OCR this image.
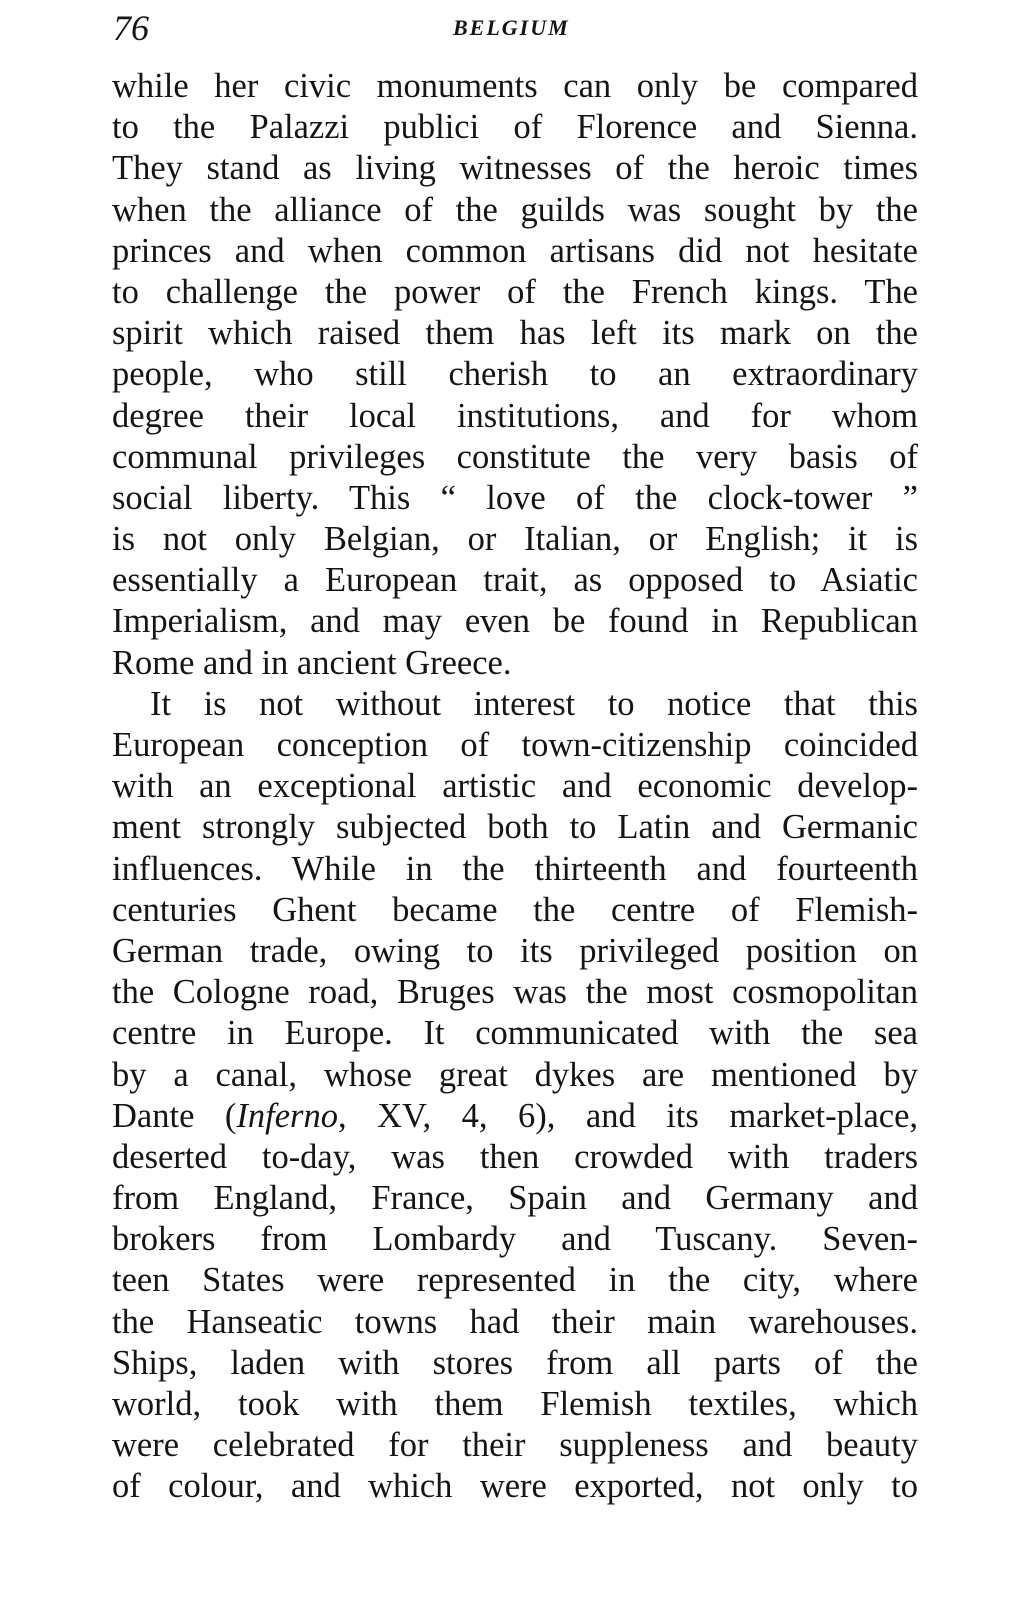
76	BELGIUM
while her civic monuments can only be compared
to the Palazzi publici of Florence and Sienna.
They stand as living witnesses of the heroic times
when the alliance of the guilds was sought by the
princes and when common artisans did not hesitate
to challenge the power of the French kings. The
spirit which raised them has left its mark on the
people, who still cherish to an extraordinary
degree their local institutions, and for whom
communal privileges constitute the very basis of
social liberty. This “ love of the clock-tower ”
is not only Belgian, or Italian, or English; it is
essentially a European trait, as opposed to Asiatic
Imperialism, and may even be found in Republican
Rome and in ancient Greece.
It is not without interest to notice that this
European conception of town-citizenship coincided
with an exceptional artistic and economic develop-
ment strongly subjected both to Latin and Germanic
influences. While in the thirteenth and fourteenth
centuries Ghent became the centre of Flemish-
German trade, owing to its privileged position on
the Cologne road, Bruges was the most cosmopolitan
centre in Europe. It communicated with the sea
by a canal, whose great dykes are mentioned by
Dante (Inferno, XV, 4, 6), and its market-place,
deserted to-day, was then crowded with traders
from England, France, Spain and Germany and
brokers from Lombardy and Tuscany. Seven-
teen States were represented in the city, where
the Hanseatic towns had their main warehouses.
Ships, laden with stores from all parts of the
world, took with them Flemish textiles, which
were celebrated for their suppleness and beauty
of colour, and which were exported, not only to
